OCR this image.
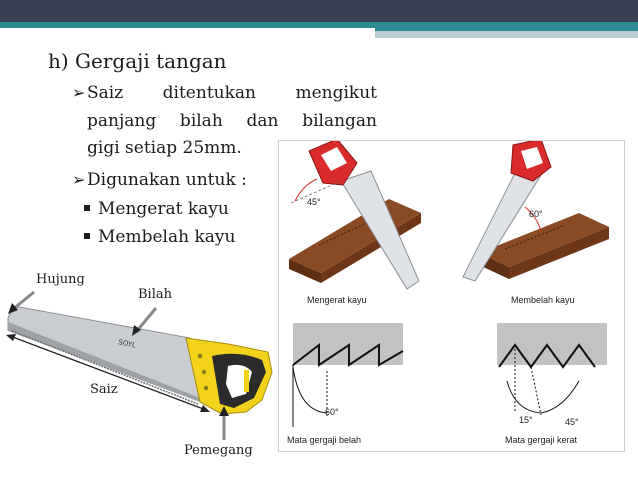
h) Gergaji tangan
➢ Saiz ditentukan mengikut
panjang bilah dan bilangan
gigi setiap 25mm.
➢Digunakan untuk :
Mengerat kayu
Membelah kayu
SOYL
Hujung
Bilah
Saiz
Pemegang
45°
60°
Mengerat kayu	Membelah kayu
60°
15°	45°
Mata gergaji belah	Mata gergaji kerat
